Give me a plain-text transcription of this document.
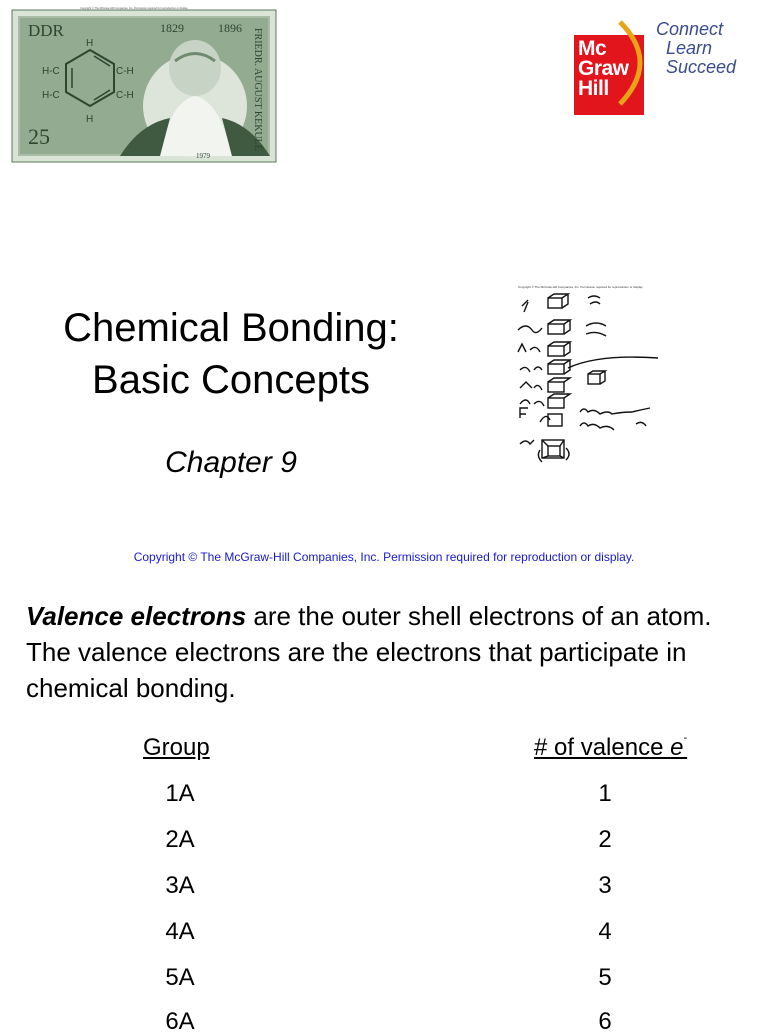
DDR	1829	1896
25
1979
FRIEDR. AUGUST KEKULÉ
Copyright © The McGraw-Hill Companies, Inc. Permission required for reproduction or display.
H
H
H-C	C-H
H-C	C-H
Mc
Graw
Hill
Connect
Learn
Succeed
Copyright © The McGraw-Hill Companies, Inc. Permission required for reproduction or display.
Chemical Bonding:
Basic Concepts
Chapter 9
Copyright © The McGraw-Hill Companies, Inc. Permission required for reproduction or display.
Valence electrons are the outer shell electrons of an atom. The valence electrons are the electrons that participate in chemical bonding.
Group	# of valence e-
1A	1
2A	2
3A	3
4A	4
5A	5
6A	6
